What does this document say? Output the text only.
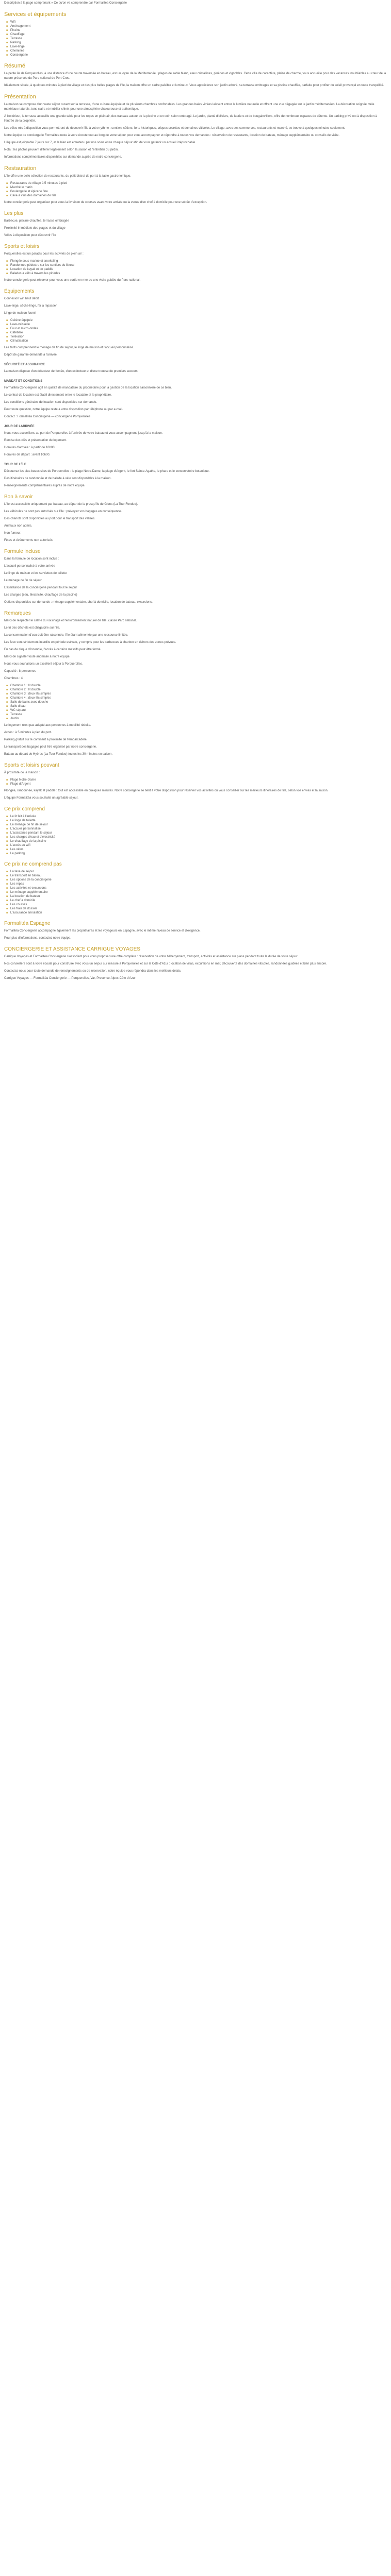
Description à la page comprenant « Ce qu'on va comprendre par Formalitéa Conciergerie

Services et équipements
■ Wifi
■ Aménagement
■ Piscine
■ Chauffage
■ Terrasse
■ Parking
■ Lave-linge
■ Cheminée
■ Conciergerie
Résumé

La petite île de Porquerolles, à une distance d'une courte traversée en bateau, est un joyau de la Méditerranée : plages de sable blanc, eaux cristallines, pinèdes et vignobles. Cette villa de caractère, pleine de charme, vous accueille pour des vacances inoubliables au cœur de la nature préservée du Parc national de Port-Cros.

Idéalement située, à quelques minutes à pied du village et des plus belles plages de l'île, la maison offre un cadre paisible et lumineux. Vous apprécierez son jardin arboré, sa terrasse ombragée et sa piscine chauffée, parfaite pour profiter du soleil provençal en toute tranquillité.

Présentation

La maison se compose d'un vaste séjour ouvert sur la terrasse, d'une cuisine équipée et de plusieurs chambres confortables. Les grandes baies vitrées laissent entrer la lumière naturelle et offrent une vue dégagée sur le jardin méditerranéen. La décoration soignée mêle matériaux naturels, tons clairs et mobilier chiné, pour une atmosphère chaleureuse et authentique.

À l'extérieur, la terrasse accueille une grande table pour les repas en plein air, des transats autour de la piscine et un coin salon ombragé. Le jardin, planté d'oliviers, de lauriers et de bougainvilliers, offre de nombreux espaces de détente. Un parking privé est à disposition à l'entrée de la propriété.

Les vélos mis à disposition vous permettront de découvrir l'île à votre rythme : sentiers côtiers, forts historiques, criques secrètes et domaines viticoles. Le village, avec ses commerces, restaurants et marché, se trouve à quelques minutes seulement.

Notre équipe de conciergerie Formalitéa reste à votre écoute tout au long de votre séjour pour vous accompagner et répondre à toutes vos demandes : réservation de restaurants, location de bateau, ménage supplémentaire ou conseils de visite.

L'équipe est joignable 7 jours sur 7, et le bien est entretenu par nos soins entre chaque séjour afin de vous garantir un accueil irréprochable.

Nota : les photos peuvent différer légèrement selon la saison et l'entretien du jardin.

Informations complémentaires disponibles sur demande auprès de notre conciergerie.

Restauration

L'île offre une belle sélection de restaurants, du petit bistrot de port à la table gastronomique.

■ Restaurants du village à 5 minutes à pied
■ Marché le matin
■ Boulangerie et épicerie fine
■ Cave à vins des domaines de l'île

Notre conciergerie peut organiser pour vous la livraison de courses avant votre arrivée ou la venue d'un chef à domicile pour une soirée d'exception.

Les plus

Barbecue, piscine chauffée, terrasse ombragée

Proximité immédiate des plages et du village

Vélos à disposition pour découvrir l'île

Sports et loisirs

Porquerolles est un paradis pour les activités de plein air :

■ Plongée sous-marine et snorkeling
■ Randonnée pédestre sur les sentiers du littoral
■ Location de kayak et de paddle
■ Balades à vélo à travers les pinèdes

Notre conciergerie peut réserver pour vous une sortie en mer ou une visite guidée du Parc national.

Équipements

Connexion wifi haut débit

Lave-linge, sèche-linge, fer à repasser

Linge de maison fourni

■ Cuisine équipée
■ Lave-vaisselle
■ Four et micro-ondes
■ Cafetière
■ Télévision
■ Climatisation

Les tarifs comprennent le ménage de fin de séjour, le linge de maison et l'accueil personnalisé.

Dépôt de garantie demandé à l'arrivée.

SÉCURITÉ ET ASSURANCE

La maison dispose d'un détecteur de fumée, d'un extincteur et d'une trousse de premiers secours.

MANDAT ET CONDITIONS

Formalitéa Conciergerie agit en qualité de mandataire du propriétaire pour la gestion de la location saisonnière de ce bien.

Le contrat de location est établi directement entre le locataire et le propriétaire.

Les conditions générales de location sont disponibles sur demande.

Pour toute question, notre équipe reste à votre disposition par téléphone ou par e-mail.

Contact : Formalitéa Conciergerie — conciergerie Porquerolles

JOUR DE LARRIVÉE

Nous vous accueillons au port de Porquerolles à l'arrivée de votre bateau et vous accompagnons jusqu'à la maison.

Remise des clés et présentation du logement.

Horaires d'arrivée : à partir de 16h00.

Horaires de départ : avant 10h00.

TOUR DE L'ÎLE

Découvrez les plus beaux sites de Porquerolles : la plage Notre-Dame, la plage d'Argent, le fort Sainte-Agathe, le phare et le conservatoire botanique.

Des itinéraires de randonnée et de balade à vélo sont disponibles à la maison.

Renseignements complémentaires auprès de notre équipe.

Bon à savoir

L'île est accessible uniquement par bateau, au départ de la presqu'île de Giens (La Tour Fondue).

Les véhicules ne sont pas autorisés sur l'île : prévoyez vos bagages en conséquence.

Des chariots sont disponibles au port pour le transport des valises.

Animaux non admis.

Non-fumeur.

Fêtes et événements non autorisés.

Formule incluse

Dans la formule de location sont inclus :

L'accueil personnalisé à votre arrivée

Le linge de maison et les serviettes de toilette

Le ménage de fin de séjour

L'assistance de la conciergerie pendant tout le séjour

Les charges (eau, électricité, chauffage de la piscine)

Options disponibles sur demande : ménage supplémentaire, chef à domicile, location de bateau, excursions.

Remarques

Merci de respecter le calme du voisinage et l'environnement naturel de l'île, classé Parc national.

Le tri des déchets est obligatoire sur l'île.

La consommation d'eau doit être raisonnée, l'île étant alimentée par une ressource limitée.

Les feux sont strictement interdits en période estivale, y compris pour les barbecues à charbon en dehors des zones prévues.

En cas de risque d'incendie, l'accès à certains massifs peut être fermé.

Merci de signaler toute anomalie à notre équipe.

Nous vous souhaitons un excellent séjour à Porquerolles.

Capacité : 8 personnes

Chambres : 4

■ Chambre 1 : lit double
■ Chambre 2 : lit double
■ Chambre 3 : deux lits simples
■ Chambre 4 : deux lits simples
■ Salle de bains avec douche
■ Salle d'eau
■ WC séparé
■ Terrasse
■ Jardin

Le logement n'est pas adapté aux personnes à mobilité réduite.

Accès : à 5 minutes à pied du port.

Parking gratuit sur le continent à proximité de l'embarcadère.

Le transport des bagages peut être organisé par notre conciergerie.

Bateau au départ de Hyères (La Tour Fondue) toutes les 30 minutes en saison.

Sports et loisirs pouvant

À proximité de la maison :

■ Plage Notre-Dame
■ Plage d'Argent

Plongée, randonnée, kayak et paddle : tout est accessible en quelques minutes. Notre conciergerie se tient à votre disposition pour réserver vos activités ou vous conseiller sur les meilleurs itinéraires de l'île, selon vos envies et la saison.

L'équipe Formalitéa vous souhaite un agréable séjour.

Ce prix comprend
■ Le lit fait à l'arrivée
■ Le linge de toilette
■ Le ménage de fin de séjour
■ L'accueil personnalisé
■ L'assistance pendant le séjour
■ Les charges d'eau et d'électricité
■ Le chauffage de la piscine
■ L'accès au wifi
■ Les vélos
■ Le parking
Ce prix ne comprend pas
■ La taxe de séjour
■ Le transport en bateau
■ Les options de la conciergerie
■ Les repas
■ Les activités et excursions
■ Le ménage supplémentaire
■ La location de bateau
■ Le chef à domicile
■ Les courses
■ Les frais de dossier
■ L'assurance annulation
Formalitéa Espagne

Formalitéa Conciergerie accompagne également les propriétaires et les voyageurs en Espagne, avec le même niveau de service et d'exigence.

Pour plus d'informations, contactez notre équipe.

CONCIERGERIE ET ASSISTANCE CARRIGUE VOYAGES

Carrigue Voyages et Formalitéa Conciergerie s'associent pour vous proposer une offre complète : réservation de votre hébergement, transport, activités et assistance sur place pendant toute la durée de votre séjour.

Nos conseillers sont à votre écoute pour construire avec vous un séjour sur mesure à Porquerolles et sur la Côte d'Azur : location de villas, excursions en mer, découverte des domaines viticoles, randonnées guidées et bien plus encore.

Contactez-nous pour toute demande de renseignements ou de réservation, notre équipe vous répondra dans les meilleurs délais.

Carrigue Voyages — Formalitéa Conciergerie — Porquerolles, Var, Provence-Alpes-Côte d'Azur.
